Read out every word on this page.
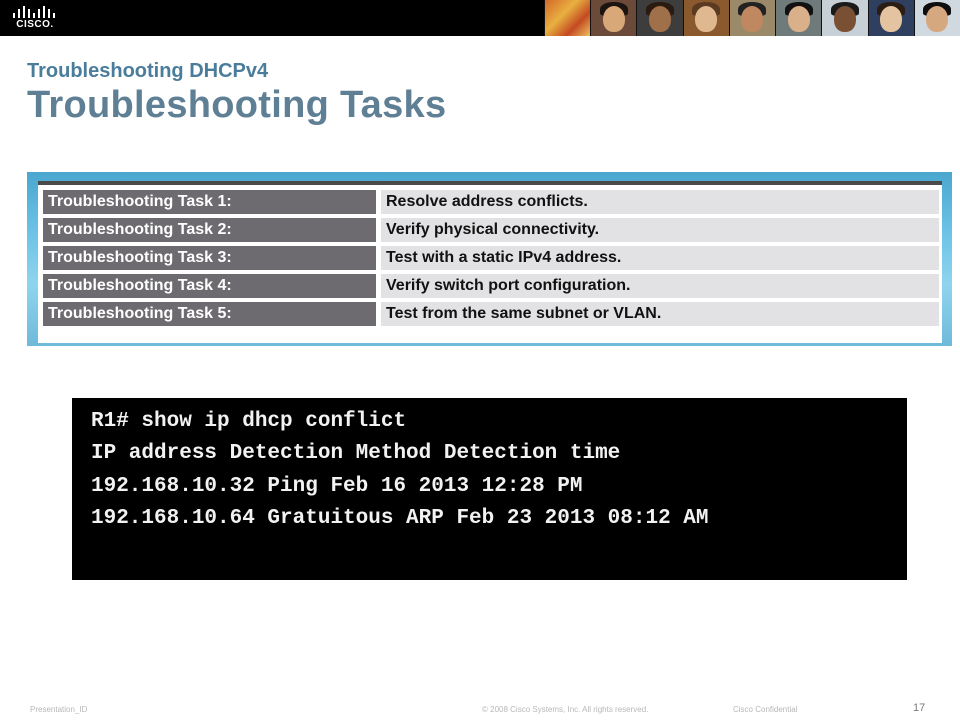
CISCO.
Troubleshooting DHCPv4
Troubleshooting Tasks
Troubleshooting Task 1:	Resolve address conflicts.
Troubleshooting Task 2:	Verify physical connectivity.
Troubleshooting Task 3:	Test with a static IPv4 address.
Troubleshooting Task 4:	Verify switch port configuration.
Troubleshooting Task 5:	Test from the same subnet or VLAN.
R1# show ip dhcp conflict
IP address Detection Method Detection time
192.168.10.32 Ping Feb 16 2013 12:28 PM
192.168.10.64 Gratuitous ARP Feb 23 2013 08:12 AM
Presentation_ID	© 2008 Cisco Systems, Inc. All rights reserved.	Cisco Confidential	17
